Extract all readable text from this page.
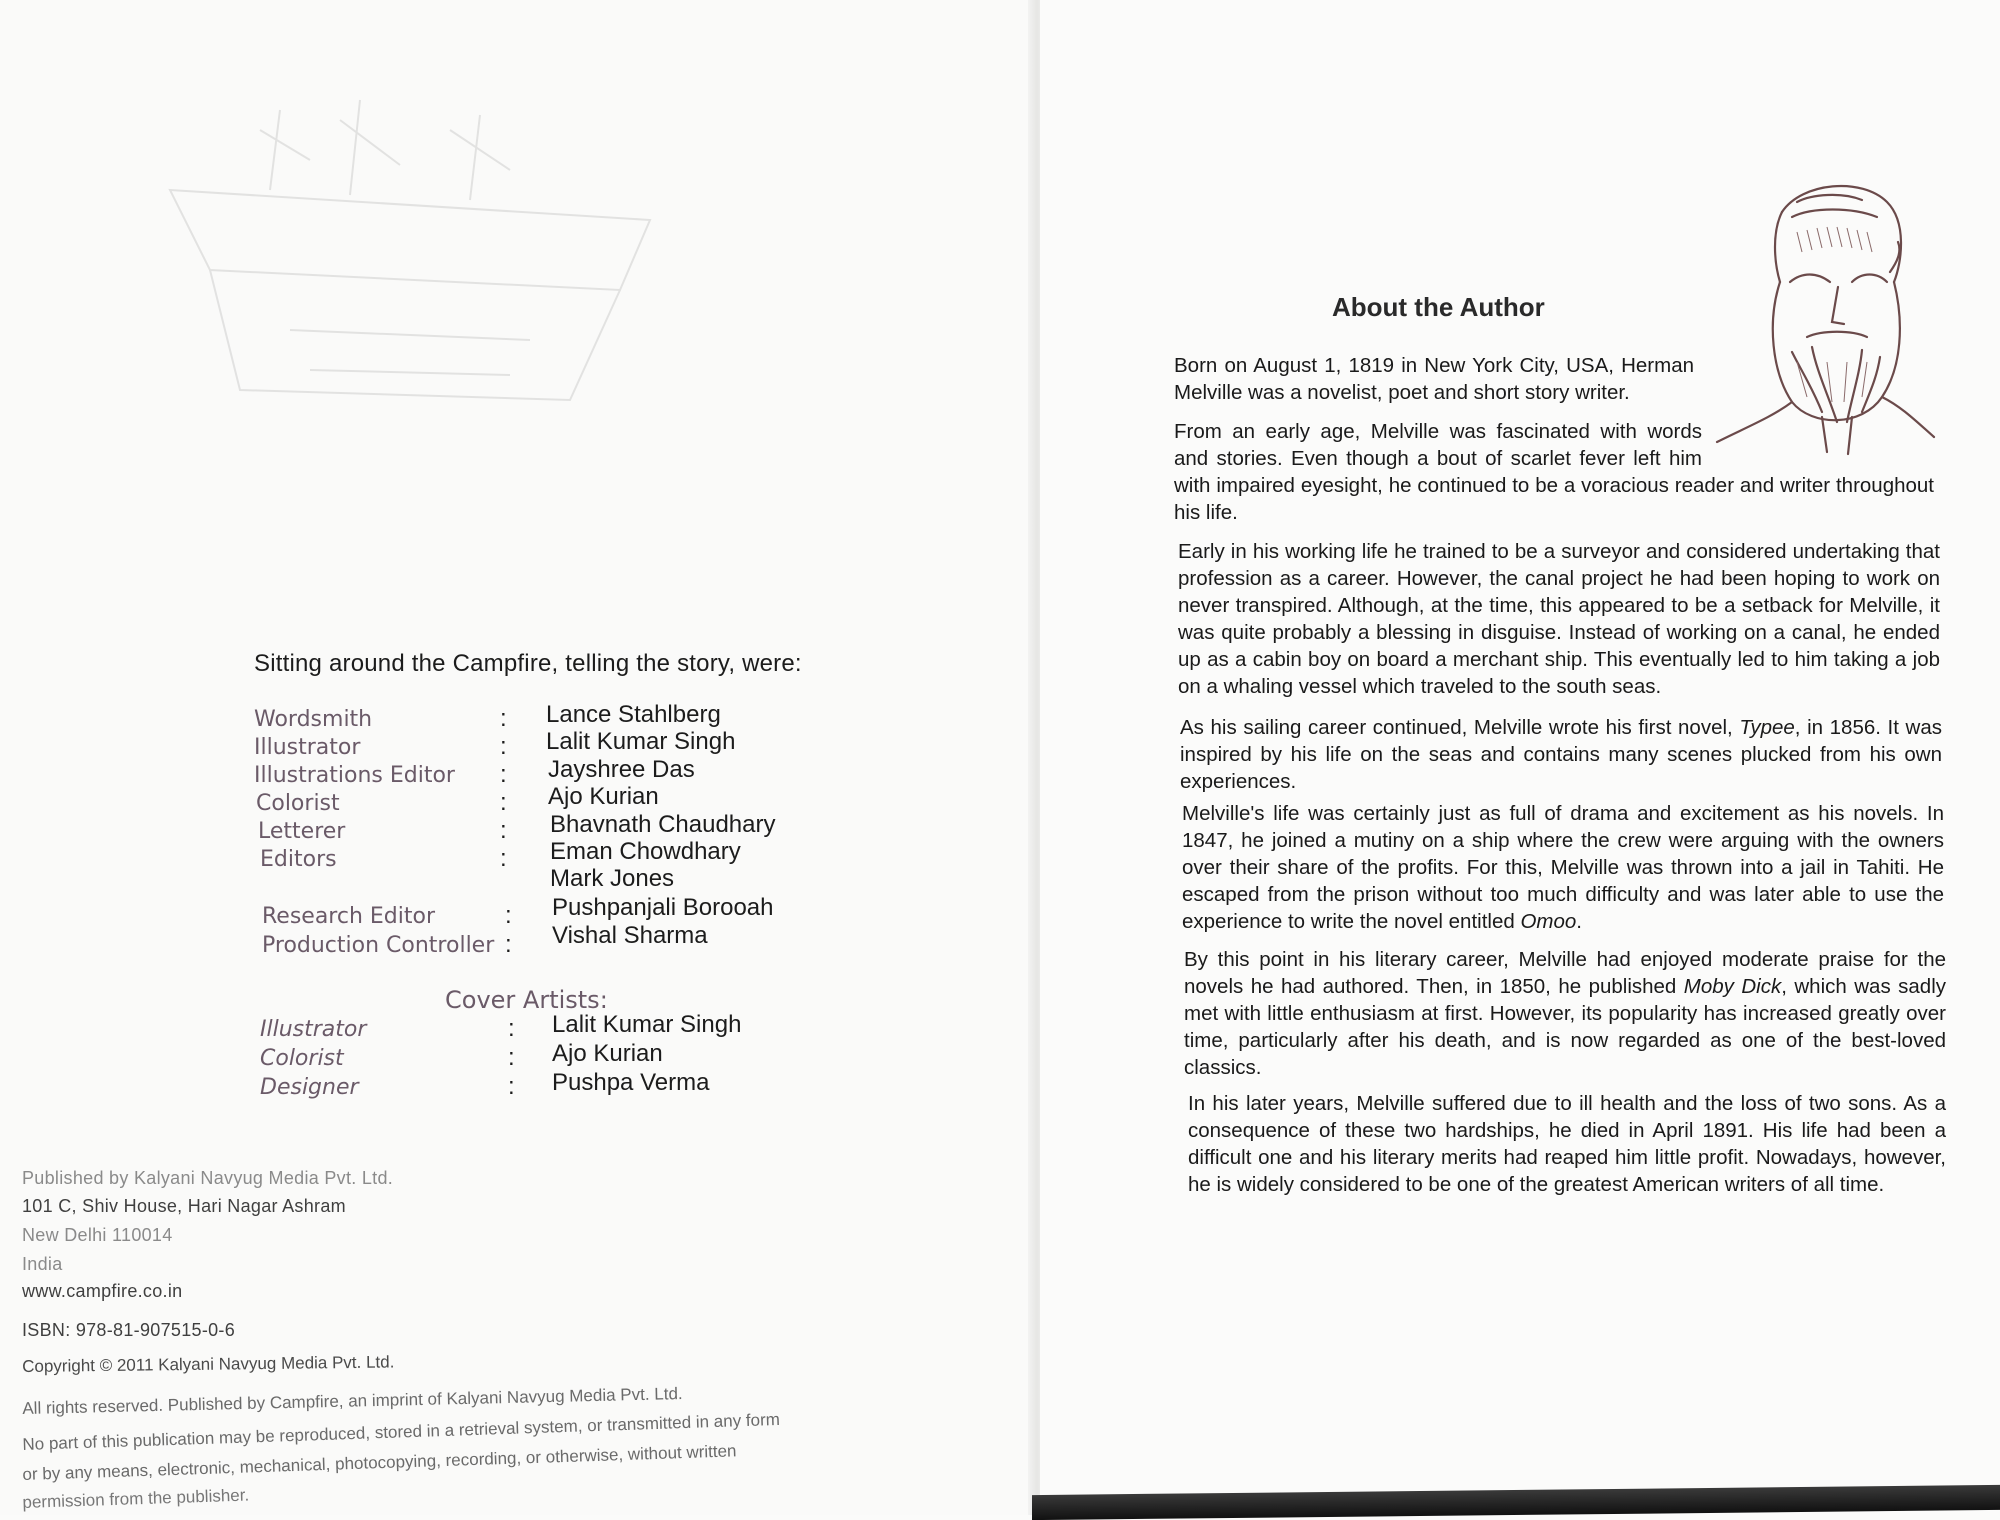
Sitting around the Campfire, telling the story, were:
Wordsmith	: Lance Stahlberg
Illustrator	: Lalit Kumar Singh
Illustrations Editor : Jayshree Das
Colorist	: Ajo Kurian
Letterer	: Bhavnath Chaudhary
Editors	: Eman Chowdhary
Mark Jones
Research Editor	: Pushpanjali Borooah
Production Controller : Vishal Sharma
Cover Artists:
Illustrator	: Lalit Kumar Singh
Colorist	: Ajo Kurian
Designer	: Pushpa Verma
Published by Kalyani Navyug Media Pvt. Ltd.
101 C, Shiv House, Hari Nagar Ashram
New Delhi 110014
India
www.campfire.co.in
ISBN: 978-81-907515-0-6
Copyright © 2011 Kalyani Navyug Media Pvt. Ltd.
All rights reserved. Published by Campfire, an imprint of Kalyani Navyug Media Pvt. Ltd.
No part of this publication may be reproduced, stored in a retrieval system, or transmitted in any form
or by any means, electronic, mechanical, photocopying, recording, or otherwise, without written
permission from the publisher.
About the Author
Born on August 1, 1819 in New York City, USA, Herman Melville was a novelist, poet and short story writer.
From an early age, Melville was fascinated with words and stories. Even though a bout of scarlet fever left him with impaired eyesight, he continued to be a voracious reader and writer throughout his life.
Early in his working life he trained to be a surveyor and considered undertaking that profession as a career. However, the canal project he had been hoping to work on never transpired. Although, at the time, this appeared to be a setback for Melville, it was quite probably a blessing in disguise. Instead of working on a canal, he ended up as a cabin boy on board a merchant ship. This eventually led to him taking a job on a whaling vessel which traveled to the south seas.
As his sailing career continued, Melville wrote his first novel, Typee, in 1856. It was inspired by his life on the seas and contains many scenes plucked from his own experiences.
Melville's life was certainly just as full of drama and excitement as his novels. In 1847, he joined a mutiny on a ship where the crew were arguing with the owners over their share of the profits. For this, Melville was thrown into a jail in Tahiti. He escaped from the prison without too much difficulty and was later able to use the experience to write the novel entitled Omoo.
By this point in his literary career, Melville had enjoyed moderate praise for the novels he had authored. Then, in 1850, he published Moby Dick, which was sadly met with little enthusiasm at first. However, its popularity has increased greatly over time, particularly after his death, and is now regarded as one of the best-loved classics.
In his later years, Melville suffered due to ill health and the loss of two sons. As a consequence of these two hardships, he died in April 1891. His life had been a difficult one and his literary merits had reaped him little profit. Nowadays, however, he is widely considered to be one of the greatest American writers of all time.
